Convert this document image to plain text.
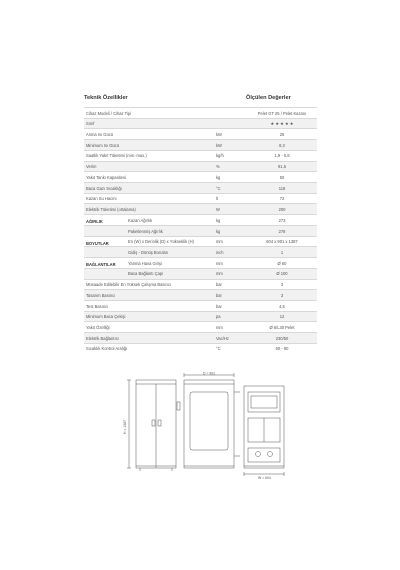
Teknik Özellikler	Ölçülen Değerler
Cihaz Modeli / Cihaz Tipi	Pelet GT 25 / Pelet Kazanı
Sınıf	★ ★ ★ ★ ★
Anma Isı Gücü	kW	25
Minimum Isı Gücü	kW	8,3
Saatlik Yakıt Tüketimi (min.-max.)	kg/h	1,9 - 5,8
Verim	%	91,5
Yakıt Tankı Kapasitesi	kg	50
Baca Gazı Sıcaklığı	°C	118
Kazan Su Hacmi	lt	72
Elektrik Tüketimi (ortalama)	W	200
AĞIRLIK	Kazan Ağırlık	kg	273
Paketlenmiş Ağırlık	kg	278
BOYUTLAR	En (W) x Derinlik (D) x Yükseklik (H)	mm	604 x 901 x 1387
Gidiş - Dönüş Boruları	inch	1
BAĞLANTILAR	Yanma Hava Girişi	mm	Ø 60
Baca Bağlantı Çapı	mm	Ø 100
Müsaade Edilebilir En Yüksek Çalışma Basıncı	bar	3
Tasarım Basıncı	bar	3
Test Basıncı	bar	4,5
Minimum Baca Çekişi	pa	12
Yakıt Özelliği	mm	Ø 6/L30 Pelet
Elektrik Bağlantısı	Vac/Hz	230/50
Sıcaklık Kontrol Aralığı	°C	60 - 80
H = 1387
D = 901
W = 604
